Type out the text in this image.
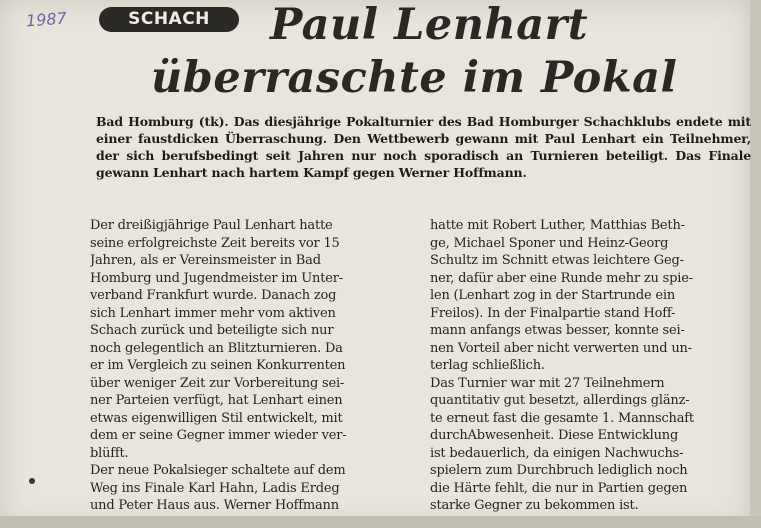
1987	SCHACH	Paul Lenhart
überraschte im Pokal

Bad Homburg (tk). Das diesjährige Pokalturnier des Bad Homburger Schachklubs endete mit einer faustdicken Überraschung. Den Wettbewerb gewann mit Paul Lenhart ein Teilnehmer, der sich berufsbedingt seit Jahren nur noch sporadisch an Turnieren beteiligt. Das Finale gewann Lenhart nach hartem Kampf gegen Werner Hoffmann.

Der dreißigjährige Paul Lenhart hatte
seine erfolgreichste Zeit bereits vor 15
Jahren, als er Vereinsmeister in Bad
Homburg und Jugendmeister im Unter-
verband Frankfurt wurde. Danach zog
sich Lenhart immer mehr vom aktiven
Schach zurück und beteiligte sich nur
noch gelegentlich an Blitzturnieren. Da
er im Vergleich zu seinen Konkurrenten
über weniger Zeit zur Vorbereitung sei-
ner Parteien verfügt, hat Lenhart einen
etwas eigenwilligen Stil entwickelt, mit
dem er seine Gegner immer wieder ver-
blüfft.
Der neue Pokalsieger schaltete auf dem
Weg ins Finale Karl Hahn, Ladis Erdeg
und Peter Haus aus. Werner Hoffmann
hatte mit Robert Luther, Matthias Beth-
ge, Michael Sponer und Heinz-Georg
Schultz im Schnitt etwas leichtere Geg-
ner, dafür aber eine Runde mehr zu spie-
len (Lenhart zog in der Startrunde ein
Freilos). In der Finalpartie stand Hoff-
mann anfangs etwas besser, konnte sei-
nen Vorteil aber nicht verwerten und un-
terlag schließlich.
Das Turnier war mit 27 Teilnehmern
quantitativ gut besetzt, allerdings glänz-
te erneut fast die gesamte 1. Mannschaft
durchAbwesenheit. Diese Entwicklung
ist bedauerlich, da einigen Nachwuchs-
spielern zum Durchbruch lediglich noch
die Härte fehlt, die nur in Partien gegen
starke Gegner zu bekommen ist.
